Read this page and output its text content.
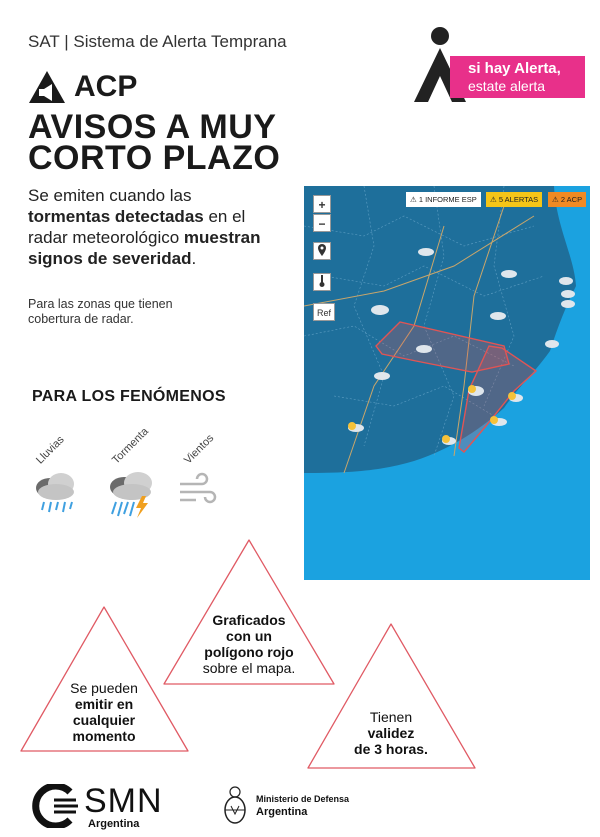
SAT | Sistema de Alerta Temprana
si hay Alerta,
estate alerta
ACP
AVISOS A MUY
CORTO PLAZO
Se emiten cuando las
tormentas detectadas en el radar meteorológico muestran signos de severidad.
Para las zonas que tienen cobertura de radar.
PARA LOS FENÓMENOS
Lluvias	Tormenta	Vientos
+
−
Ref
⚠ 1 INFORME ESP	⚠ 5 ALERTAS	⚠ 2 ACP
Graficados
con un
polígono rojo
sobre el mapa.
Se pueden
emitir en
cualquier
momento
Tienen
validez
de 3 horas.
SMN
Argentina
Ministerio de Defensa
Argentina
